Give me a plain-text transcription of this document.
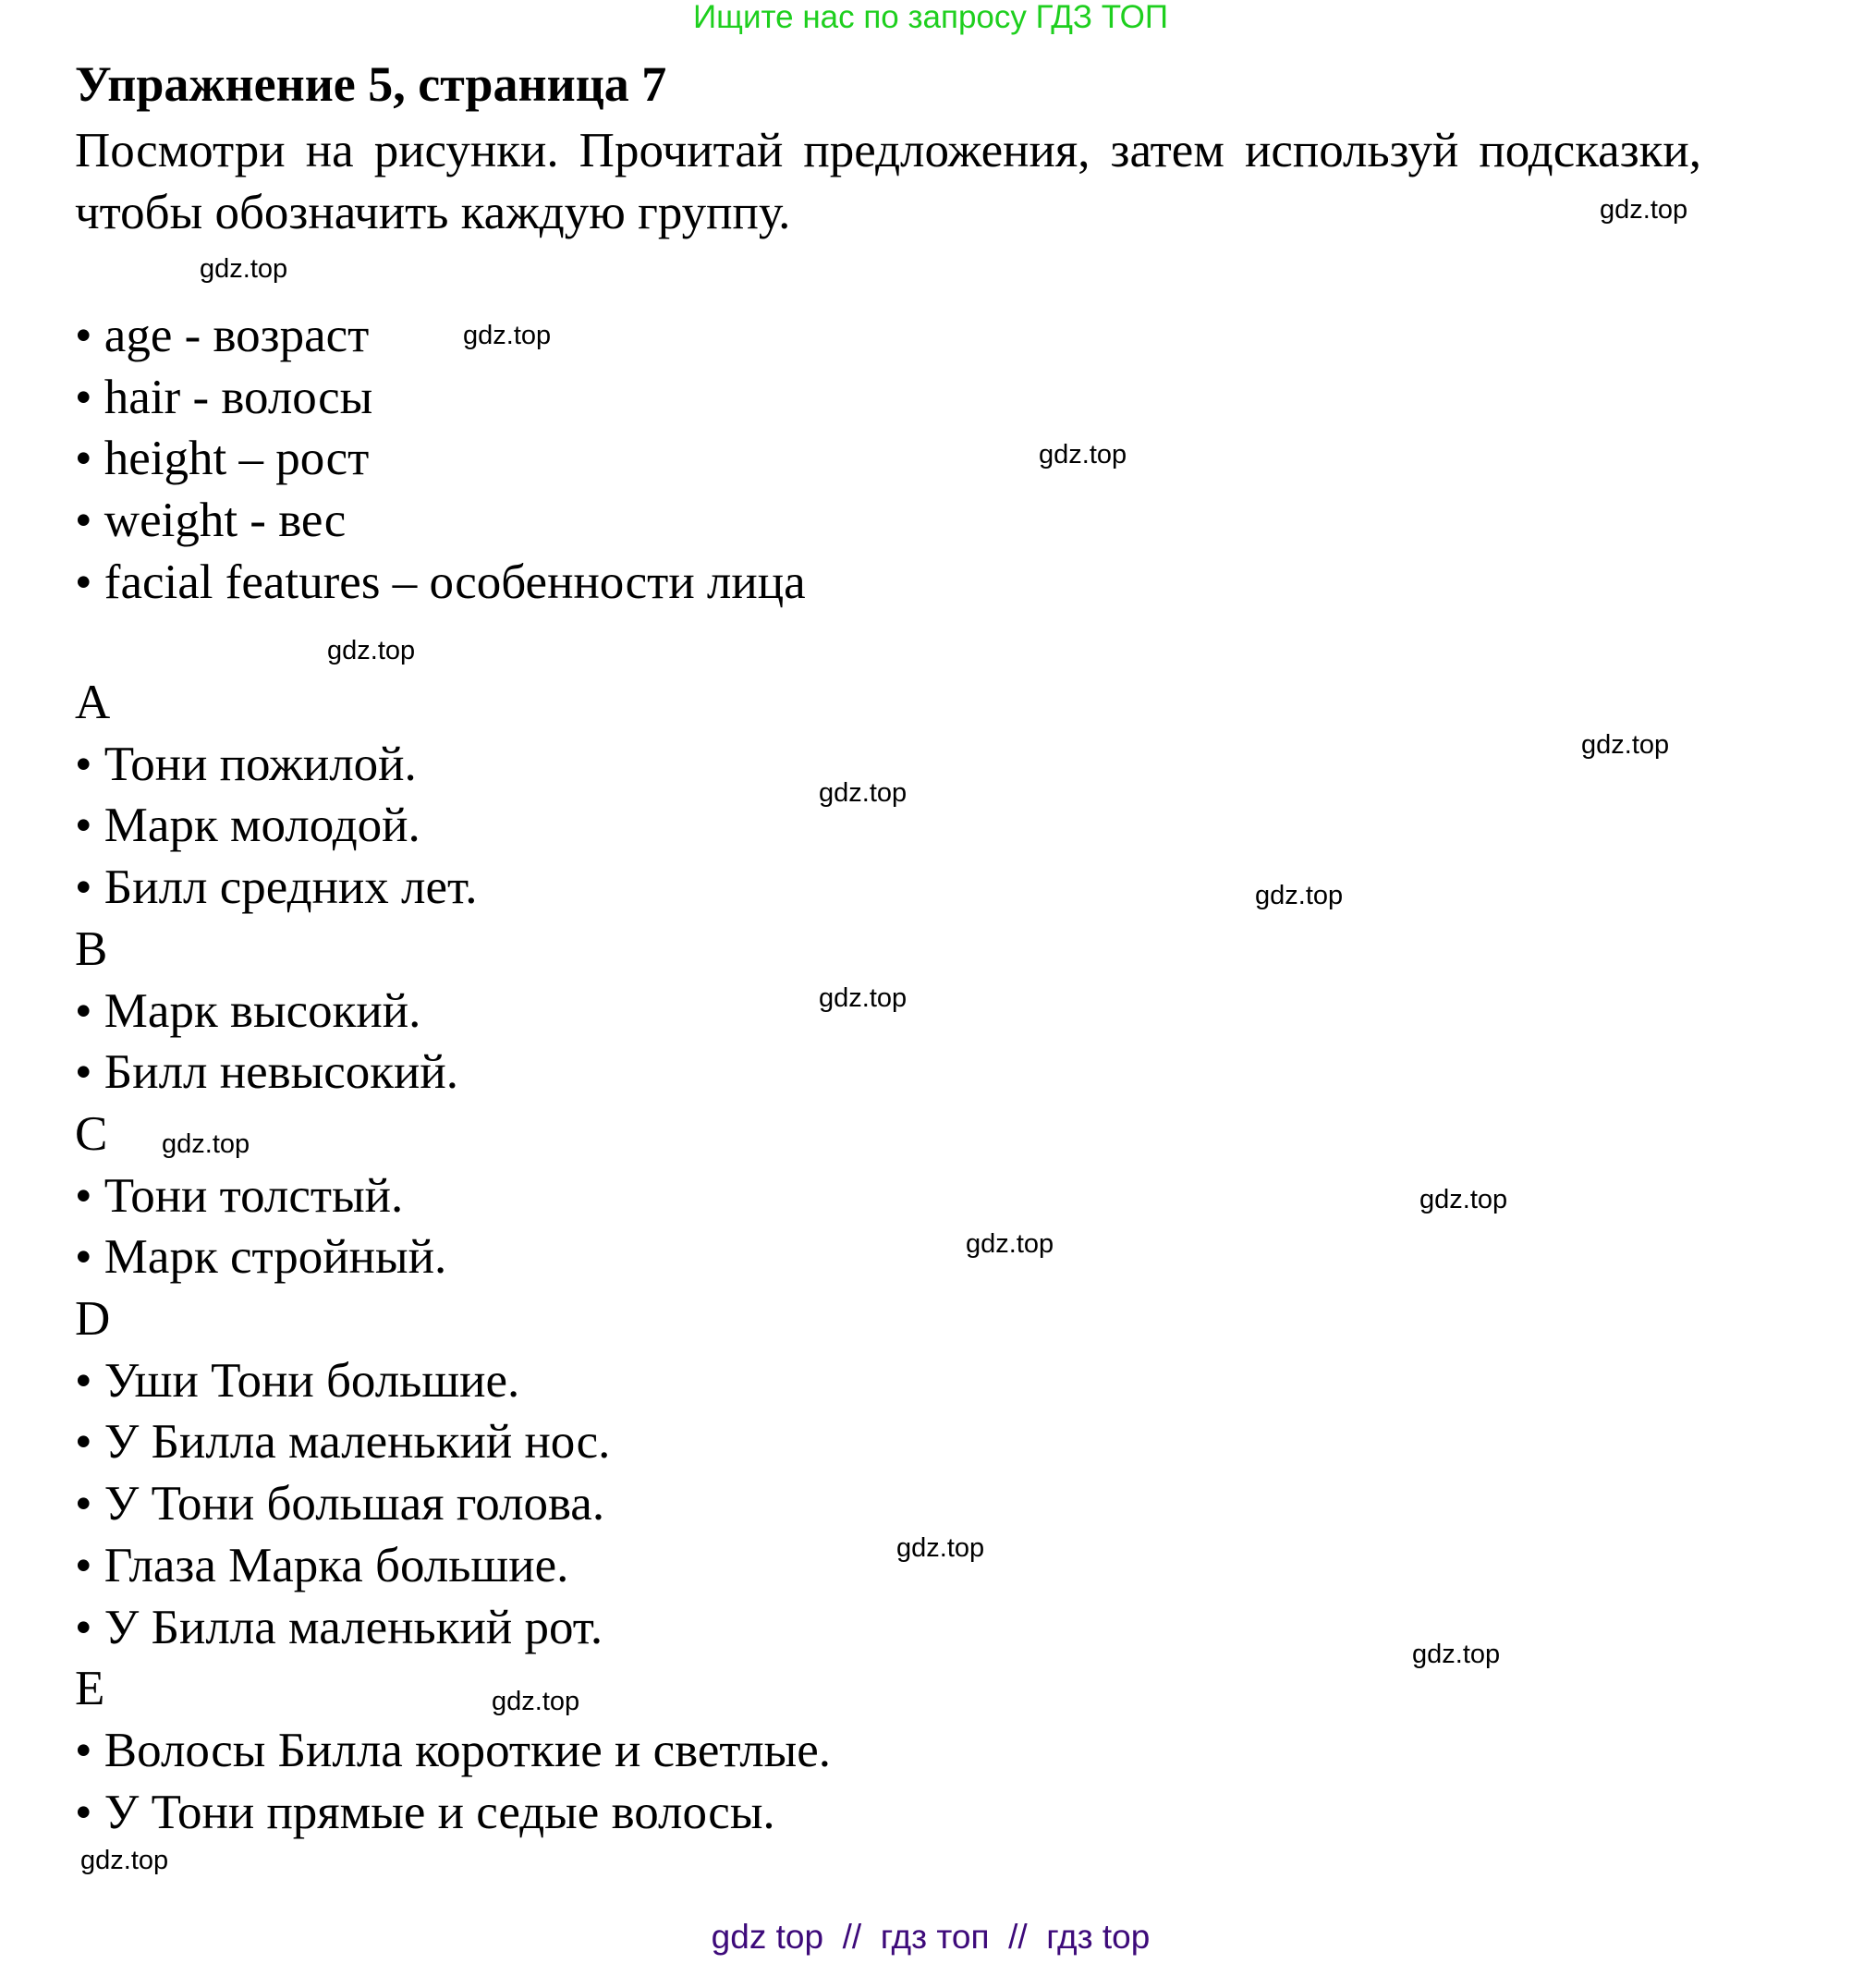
Ищите нас по запросу ГДЗ ТОП
Упражнение 5, страница 7
Посмотри на рисунки. Прочитай предложения, затем используй подсказки, чтобы обозначить каждую группу.
• age - возраст
• hair - волосы
• height – рост
• weight - вес
• facial features – особенности лица
A
• Тони пожилой.
• Марк молодой.
• Билл средних лет.
B
• Марк высокий.
• Билл невысокий.
C
• Тони толстый.
• Марк стройный.
D
• Уши Тони большие.
• У Билла маленький нос.
• У Тони большая голова.
• Глаза Марка большие.
• У Билла маленький рот.
E
• Волосы Билла короткие и светлые.
• У Тони прямые и седые волосы.
gdz.top
gdz.top
gdz.top
gdz.top
gdz.top
gdz.top
gdz.top
gdz.top
gdz.top
gdz.top
gdz.top
gdz.top
gdz.top
gdz.top
gdz.top
gdz.top
gdz top  //  гдз топ  //  гдз top
